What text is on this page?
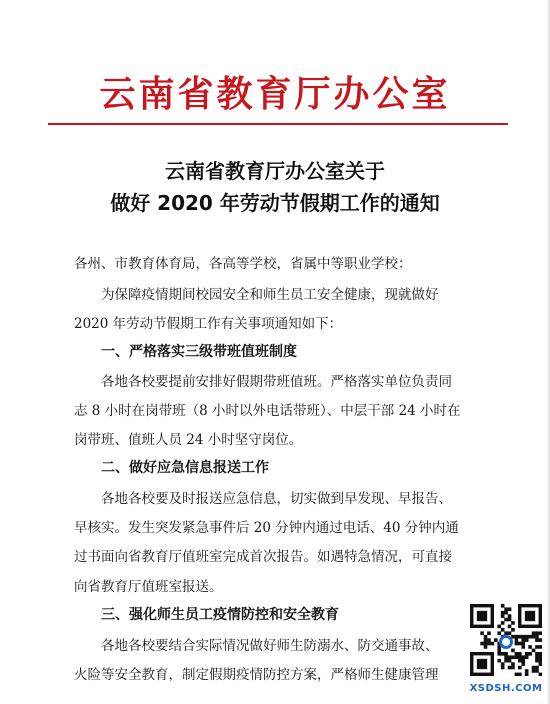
云南省教育厅办公室
云南省教育厅办公室关于
做好 2020 年劳动节假期工作的通知
各州、市教育体育局，各高等学校，省属中等职业学校：
为保障疫情期间校园安全和师生员工安全健康，现就做好
2020 年劳动节假期工作有关事项通知如下：
一、严格落实三级带班值班制度
各地各校要提前安排好假期带班值班。严格落实单位负责同
志 8 小时在岗带班（8 小时以外电话带班）、中层干部 24 小时在
岗带班、值班人员 24 小时坚守岗位。
二、做好应急信息报送工作
各地各校要及时报送应急信息，切实做到早发现、早报告、
早核实。发生突发紧急事件后 20 分钟内通过电话、40 分钟内通
过书面向省教育厅值班室完成首次报告。如遇特急情况，可直接
向省教育厅值班室报送。
三、强化师生员工疫情防控和安全教育
各地各校要结合实际情况做好师生防溺水、防交通事故、
火险等安全教育，制定假期疫情防控方案，严格师生健康管理
XSDSH.COM
